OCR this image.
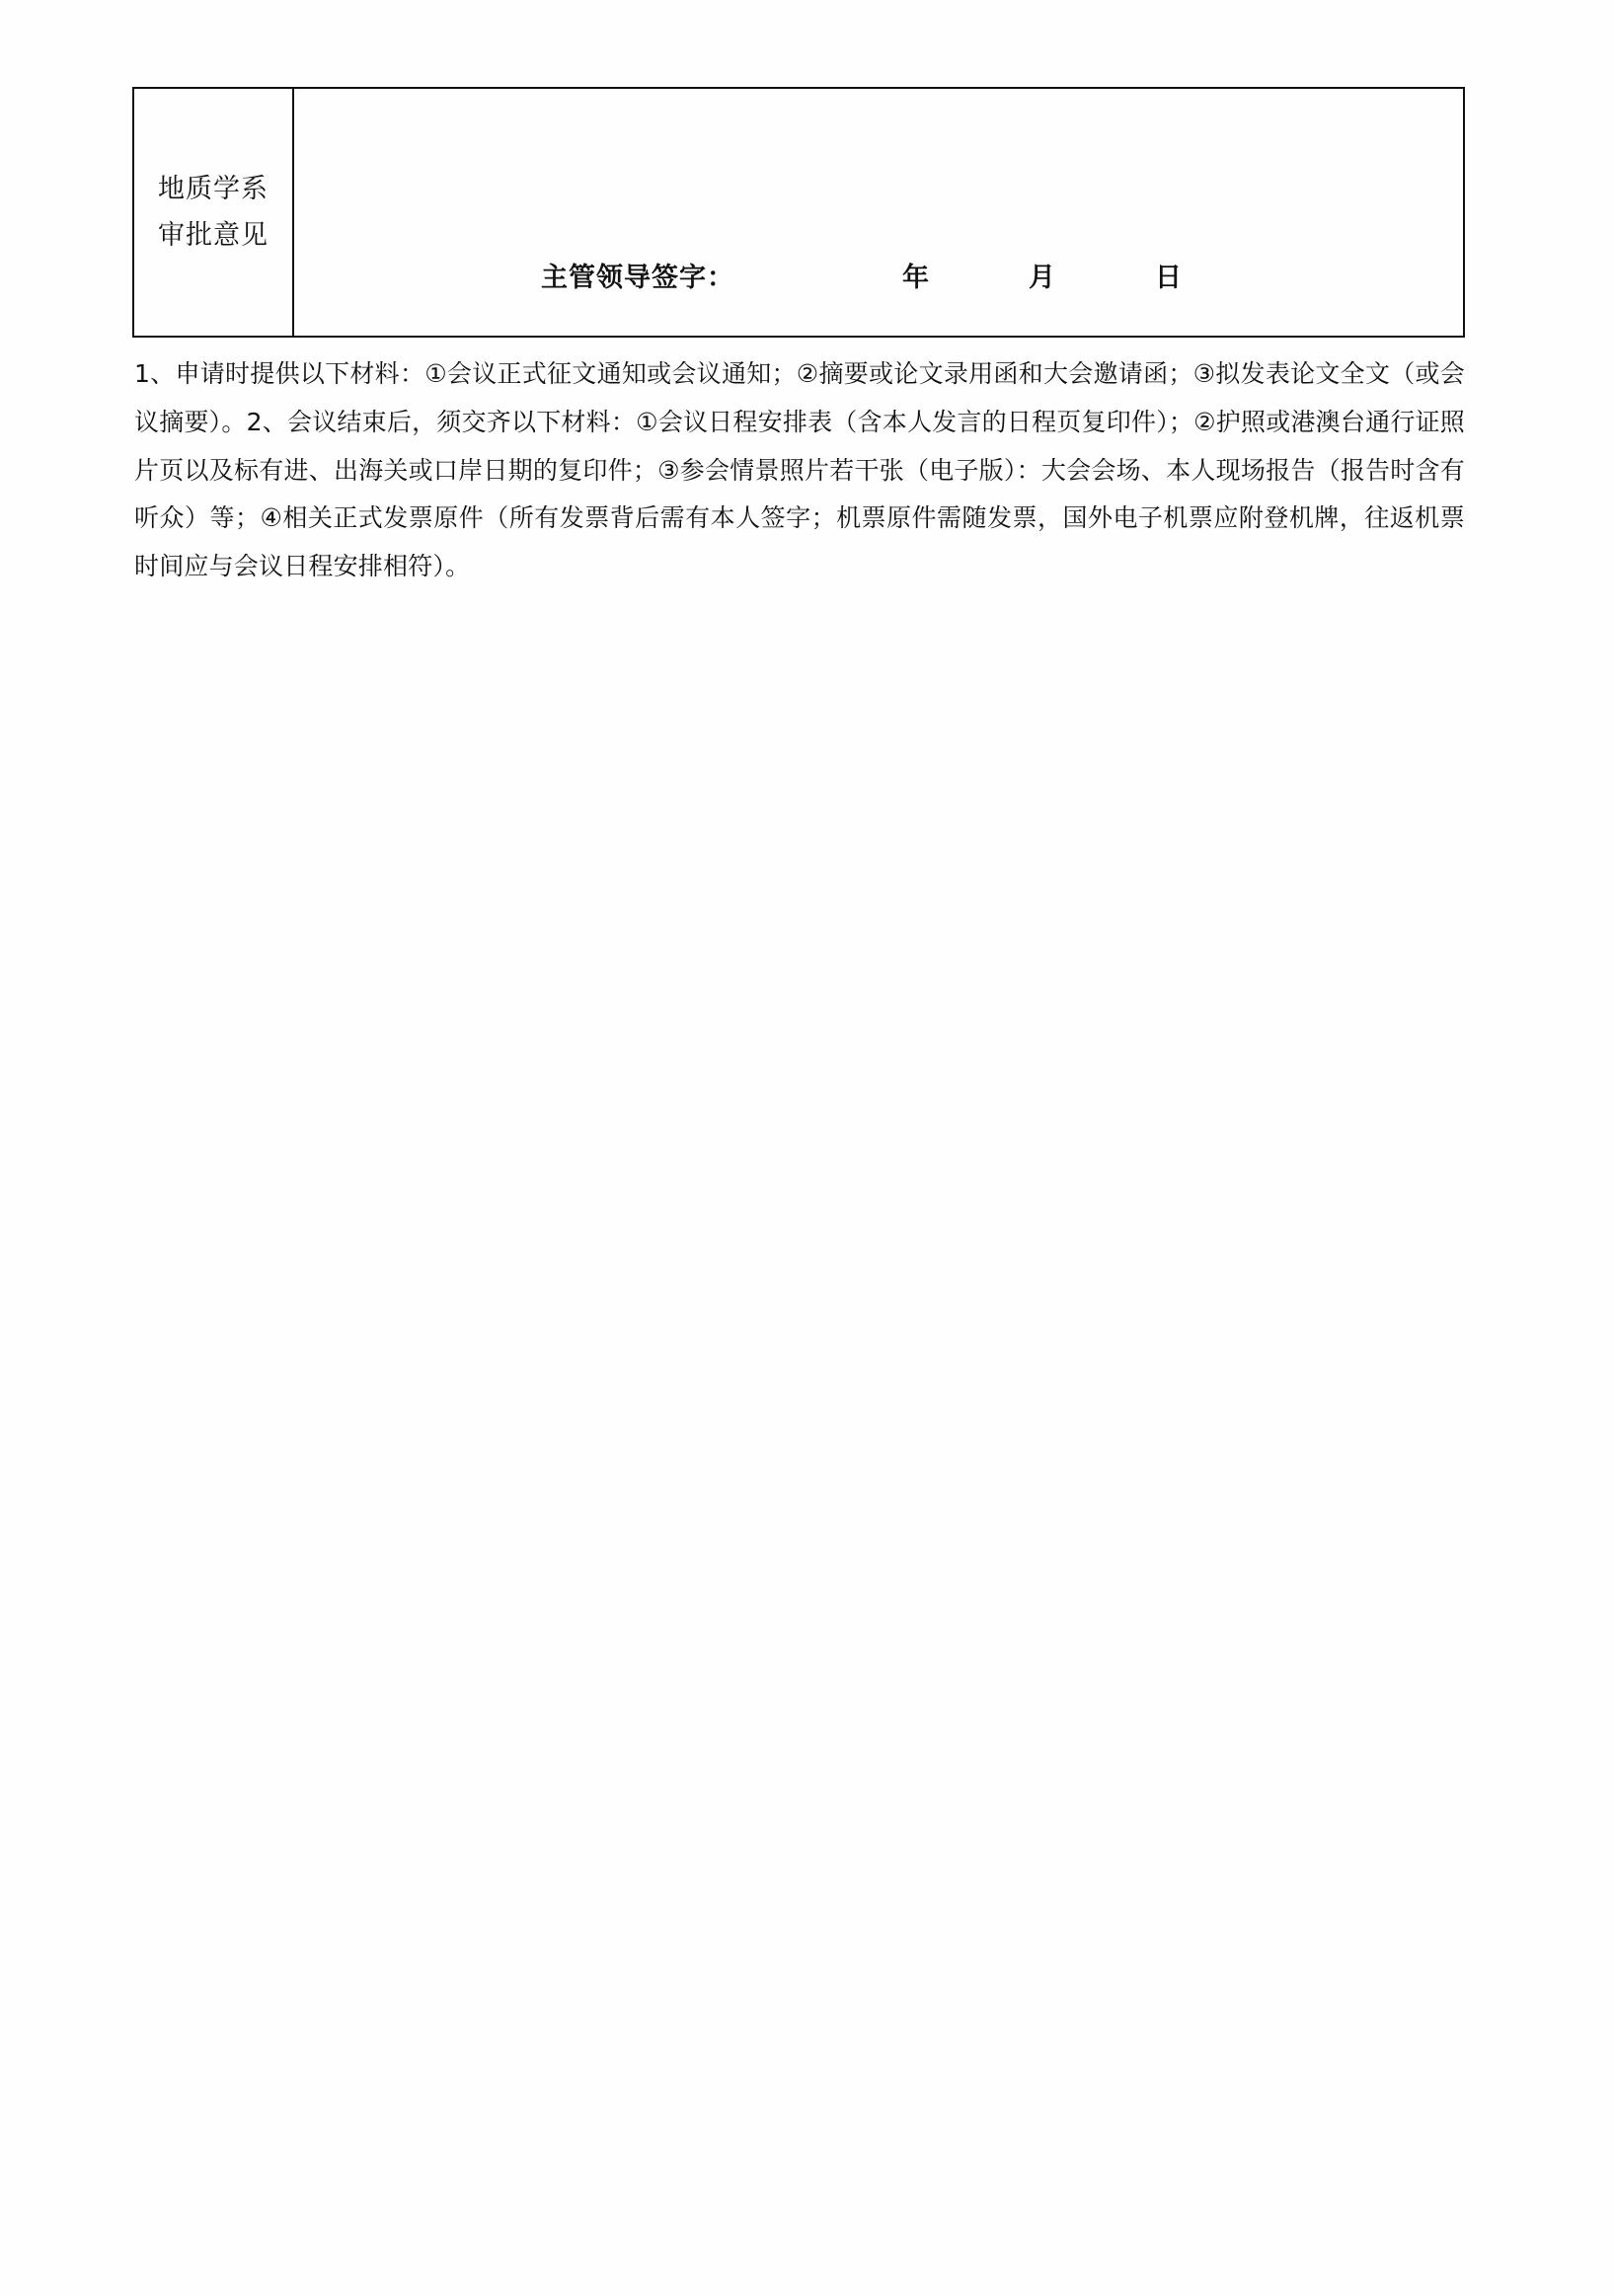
地质学系
审批意见

主管领导签字：	年	月	日

1、申请时提供以下材料：①会议正式征文通知或会议通知；②摘要或论文录用函和大会邀请函；③拟发表论文全文（或会议摘要）。2、会议结束后，须交齐以下材料：①会议日程安排表（含本人发言的日程页复印件）；②护照或港澳台通行证照片页以及标有进、出海关或口岸日期的复印件；③参会情景照片若干张（电子版）：大会会场、本人现场报告（报告时含有听众）等；④相关正式发票原件（所有发票背后需有本人签字；机票原件需随发票，国外电子机票应附登机牌，往返机票时间应与会议日程安排相符）。
